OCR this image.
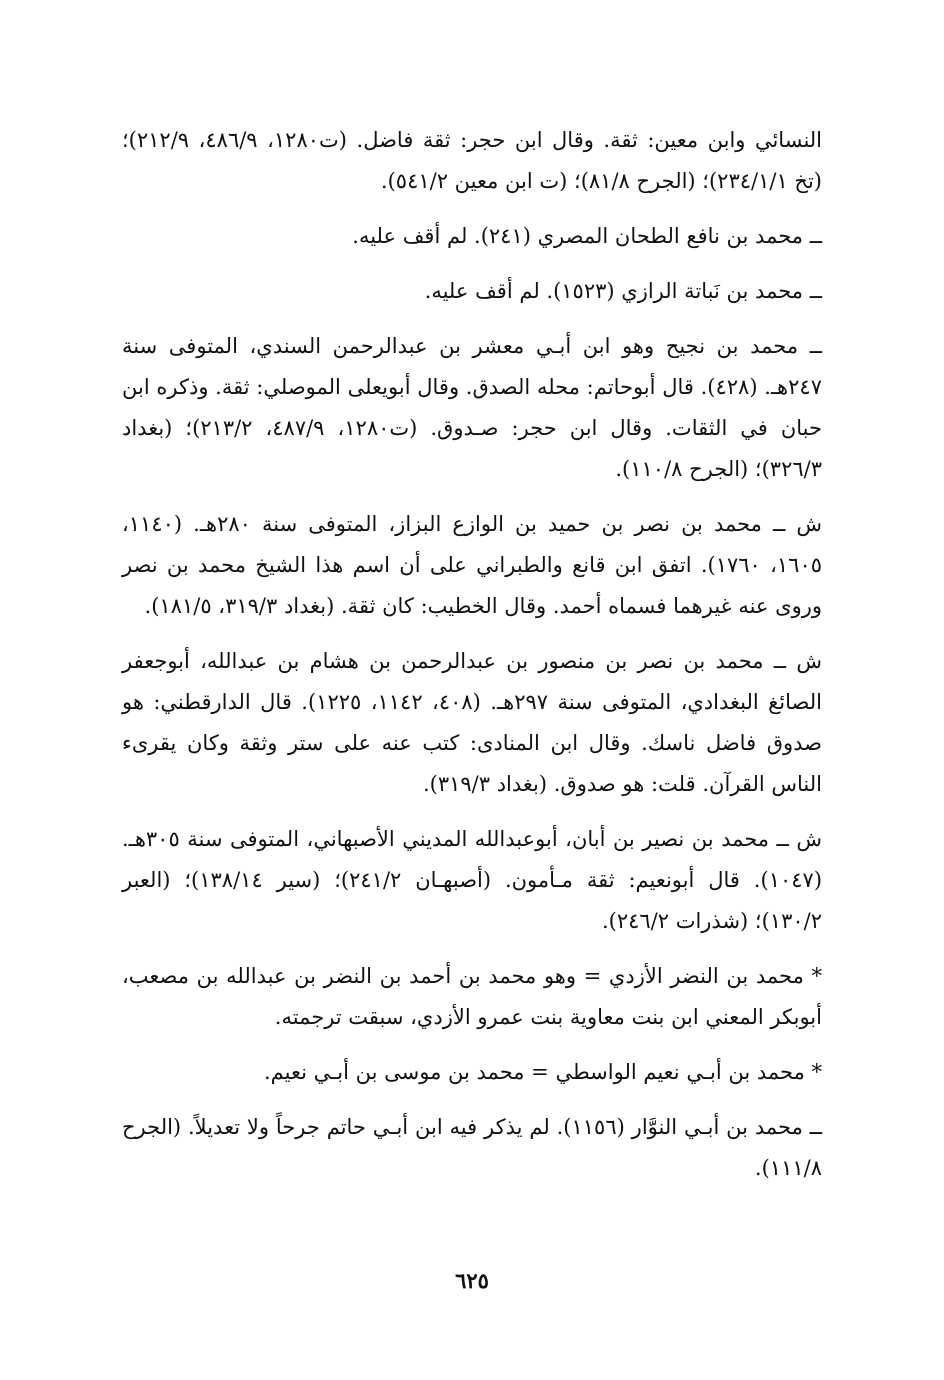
النسائي وابن معين: ثقة. وقال ابن حجر: ثقة فاضل. (ت١٢٨٠، ٤٨٦/٩، ٢١٢/٩)؛ (تخ ٢٣٤/١/١)؛ (الجرح ٨١/٨)؛ (ت ابن معين ٥٤١/٢).

ــ محمد بن نافع الطحان المصري (٢٤١). لم أقف عليه.

ــ محمد بن نَباتة الرازي (١٥٢٣). لم أقف عليه.

ــ محمد بن نجيح وهو ابن أبـي معشر بن عبدالرحمن السندي، المتوفى سنة ٢٤٧هـ. (٤٢٨). قال أبوحاتم: محله الصدق. وقال أبويعلى الموصلي: ثقة. وذكره ابن حبان في الثقات. وقال ابن حجر: صـدوق. (ت١٢٨٠، ٤٨٧/٩، ٢١٣/٢)؛ (بغداد ٣٢٦/٣)؛ (الجرح ١١٠/٨).

ش ــ محمد بن نصر بن حميد بن الوازع البزاز، المتوفى سنة ٢٨٠هـ. (١١٤٠، ١٦٠٥، ١٧٦٠). اتفق ابن قانع والطبراني على أن اسم هذا الشيخ محمد بن نصر وروى عنه غيرهما فسماه أحمد. وقال الخطيب: كان ثقة. (بغداد ٣١٩/٣، ١٨١/٥).

ش ــ محمد بن نصر بن منصور بن عبدالرحمن بن هشام بن عبدالله، أبوجعفر الصائغ البغدادي، المتوفى سنة ٢٩٧هـ. (٤٠٨، ١١٤٢، ١٢٢٥). قال الدارقطني: هو صدوق فاضل ناسك. وقال ابن المنادى: كتب عنه على ستر وثقة وكان يقرىء الناس القرآن. قلت: هو صدوق. (بغداد ٣١٩/٣).

ش ــ محمد بن نصير بن أبان، أبوعبدالله المديني الأصبهاني، المتوفى سنة ٣٠٥هـ. (١٠٤٧). قال أبونعيم: ثقة مـأمون. (أصبهـان ٢٤١/٢)؛ (سير ١٣٨/١٤)؛ (العبر ١٣٠/٢)؛ (شذرات ٢٤٦/٢).

* محمد بن النضر الأزدي = وهو محمد بن أحمد بن النضر بن عبدالله بن مصعب، أبوبكر المعني ابن بنت معاوية بنت عمرو الأزدي، سبقت ترجمته.

* محمد بن أبـي نعيم الواسطي = محمد بن موسى بن أبـي نعيم.

ــ محمد بن أبـي النوَّار (١١٥٦). لم يذكر فيه ابن أبـي حاتم جرحاً ولا تعديلاً. (الجرح ١١١/٨).

٦٢٥
